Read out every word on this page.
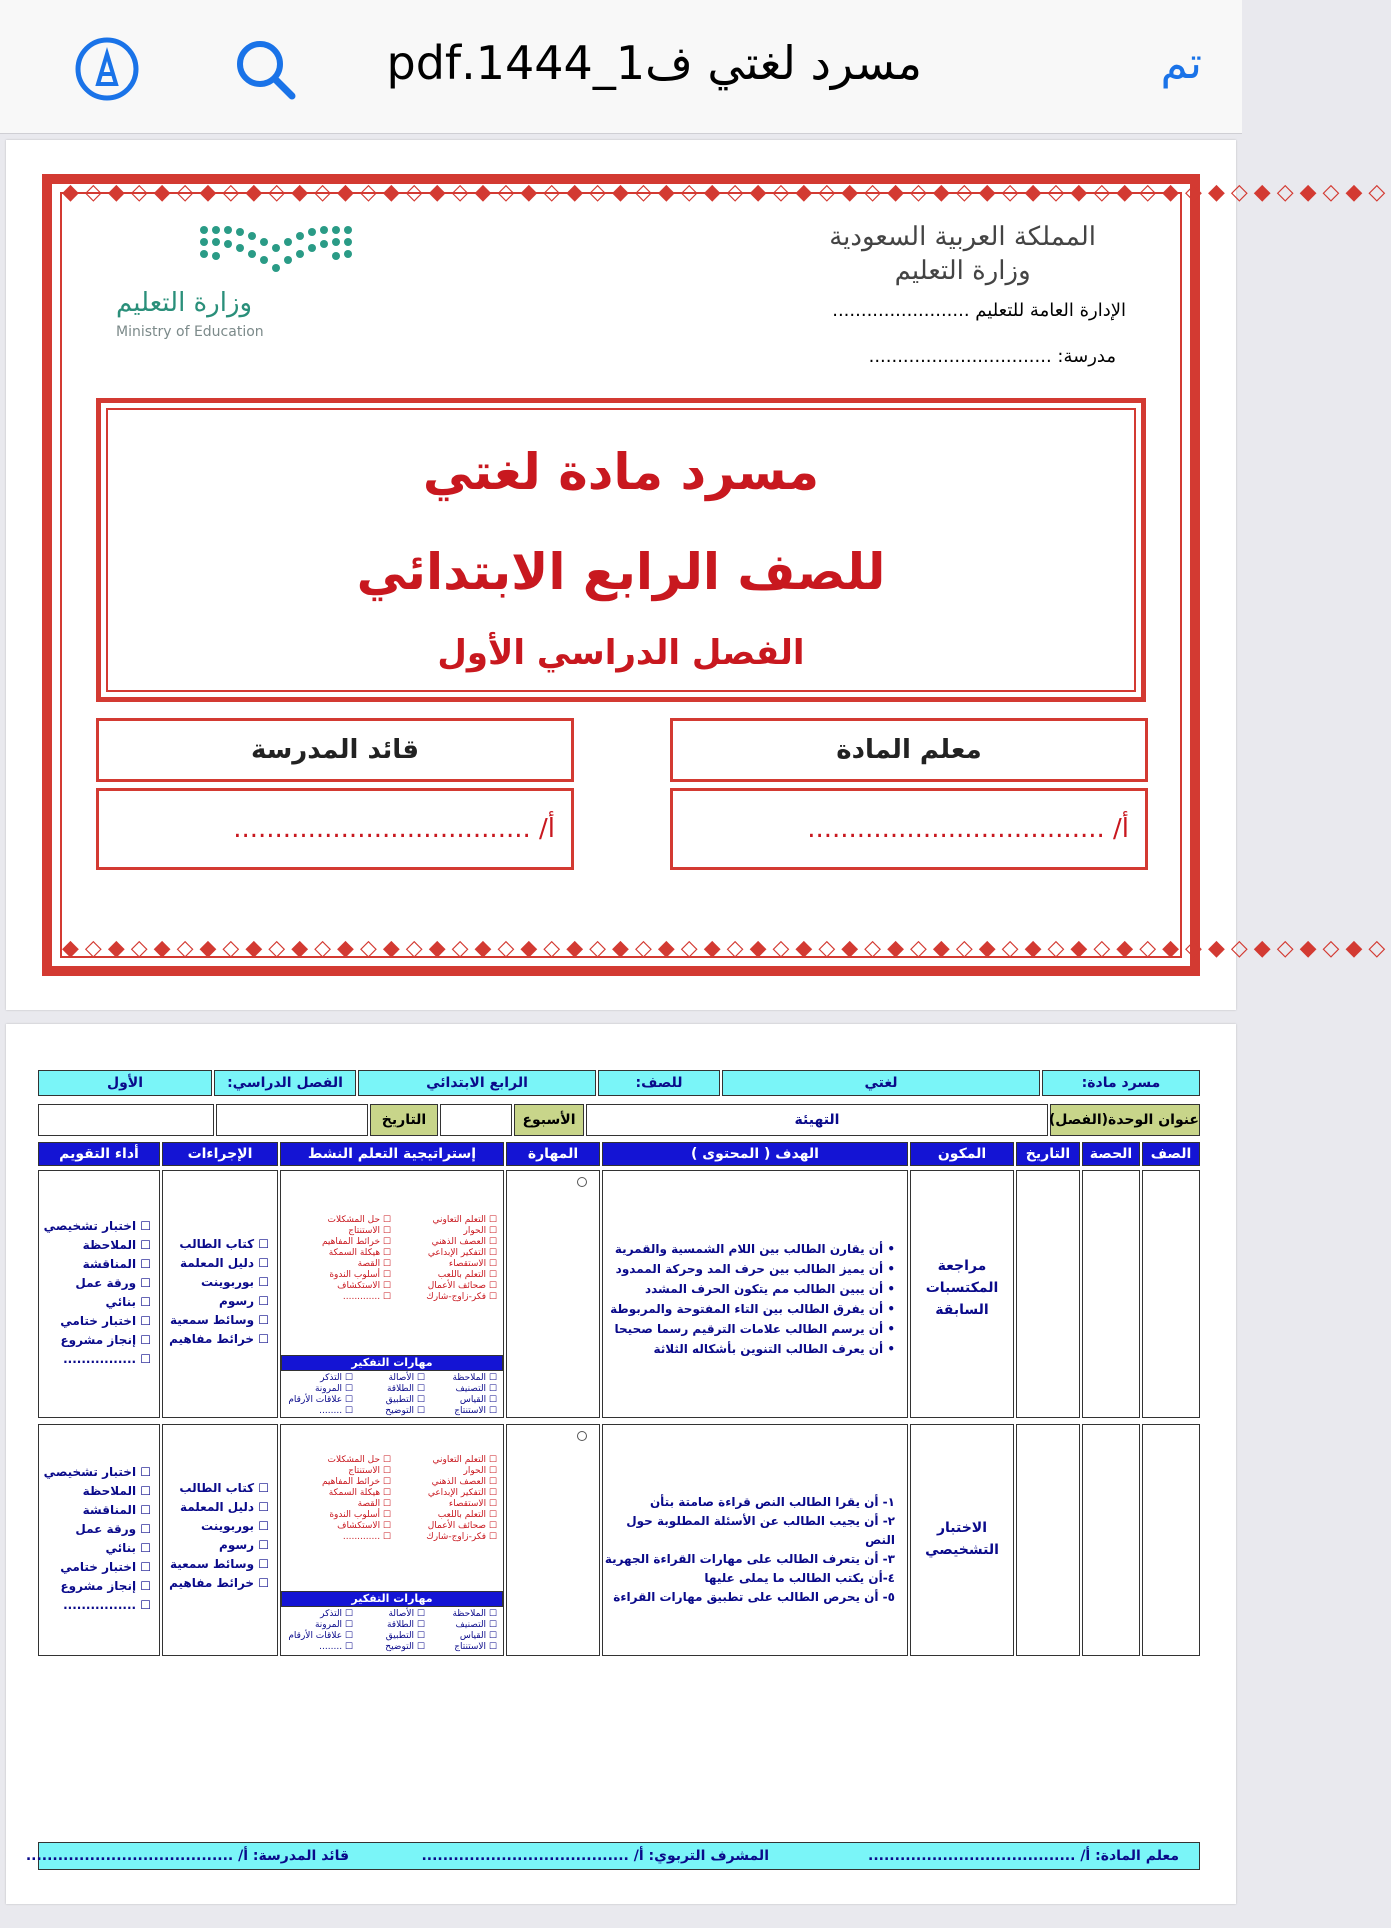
تم
مسرد لغتي ف1_1444.pdf
◆◇◆◇◆◇◆◇◆◇◆◇◆◇◆◇◆◇◆◇◆◇◆◇◆◇◆◇◆◇◆◇◆◇◆◇◆◇◆◇◆◇◆◇◆◇◆◇◆◇◆◇◆◇◆◇◆◇
◆◇◆◇◆◇◆◇◆◇◆◇◆◇◆◇◆◇◆◇◆◇◆◇◆◇◆◇◆◇◆◇◆◇◆◇◆◇◆◇◆◇◆◇◆◇◆◇◆◇◆◇◆◇◆◇◆◇
وزارة التعليم
Ministry of Education
المملكة العربية السعودية
وزارة التعليم
الإدارة العامة للتعليم ........................
مدرسة: ................................
مسرد مادة لغتي
للصف الرابع الابتدائي
الفصل الدراسي الأول
معلم المادة
أ/ ....................................
قائد المدرسة
أ/ ....................................
مسرد مادة:
لغتي
للصف:
الرابع الابتدائي
الفصل الدراسي:
الأول
عنوان الوحدة(الفصل)
التهيئة
الأسبوع
التاريخ
الصف
الحصة
التاريخ
المكون
الهدف ( المحتوى )
المهارة
إستراتيجية التعلم النشط
الإجراءات
أداء التقويم
مراجعة المكتسبات السابقة
• أن يقارن الطالب بين اللام الشمسية والقمرية
• أن يميز الطالب بين حرف المد وحركة الممدود
• أن يبين الطالب مم يتكون الحرف المشدد
• أن يفرق الطالب بين التاء المفتوحة والمربوطة
• أن يرسم الطالب علامات الترقيم رسما صحيحا
• أن يعرف الطالب التنوين بأشكاله الثلاثة
☐ التعلم التعاوني
☐ الحوار
☐ العصف الذهني
☐ التفكير الإبداعي
☐ الاستقصاء
☐ التعلم باللعب
☐ صحائف الأعمال
☐ فكر-زاوج-شارك
☐ حل المشكلات
☐ الاستنتاج
☐ خرائط المفاهيم
☐ هيكلة السمكة
☐ القصة
☐ أسلوب الندوة
☐ الاستكشاف
☐ .............
مهارات التفكير
☐ الملاحظة
☐ التصنيف
☐ القياس
☐ الاستنتاج
☐ الأصالة
☐ الطلاقة
☐ التطبيق
☐ التوضيح
☐ التذكر
☐ المرونة
☐ علاقات الأرقام
☐ ........
☐ كتاب الطالب
☐ دليل المعلمة
☐ بوربوينت
☐ رسوم
☐ وسائط سمعية
☐ خرائط مفاهيم
☐ اختبار تشخيصي
☐ الملاحظة
☐ المناقشة
☐ ورقة عمل
☐ بنائي
☐ اختبار ختامي
☐ إنجاز مشروع
☐ ................
الاختبار التشخيصي
١- أن يقرا الطالب النص قراءة صامتة بتأن
٢- أن يجيب الطالب عن الأسئلة المطلوبة حول النص
٣- أن يتعرف الطالب على مهارات القراءة الجهرية
٤-أن يكتب الطالب ما يملى عليها
٥- أن يحرص الطالب على تطبيق مهارات القراءة
☐ التعلم التعاوني
☐ الحوار
☐ العصف الذهني
☐ التفكير الإبداعي
☐ الاستقصاء
☐ التعلم باللعب
☐ صحائف الأعمال
☐ فكر-زاوج-شارك
☐ حل المشكلات
☐ الاستنتاج
☐ خرائط المفاهيم
☐ هيكلة السمكة
☐ القصة
☐ أسلوب الندوة
☐ الاستكشاف
☐ .............
مهارات التفكير
☐ الملاحظة
☐ التصنيف
☐ القياس
☐ الاستنتاج
☐ الأصالة
☐ الطلاقة
☐ التطبيق
☐ التوضيح
☐ التذكر
☐ المرونة
☐ علاقات الأرقام
☐ ........
☐ كتاب الطالب
☐ دليل المعلمة
☐ بوربوينت
☐ رسوم
☐ وسائط سمعية
☐ خرائط مفاهيم
☐ اختبار تشخيصي
☐ الملاحظة
☐ المناقشة
☐ ورقة عمل
☐ بنائي
☐ اختبار ختامي
☐ إنجاز مشروع
☐ ................
معلم المادة: أ/ .......................................
المشرف التربوي: أ/ .......................................
قائد المدرسة: أ/ .......................................
